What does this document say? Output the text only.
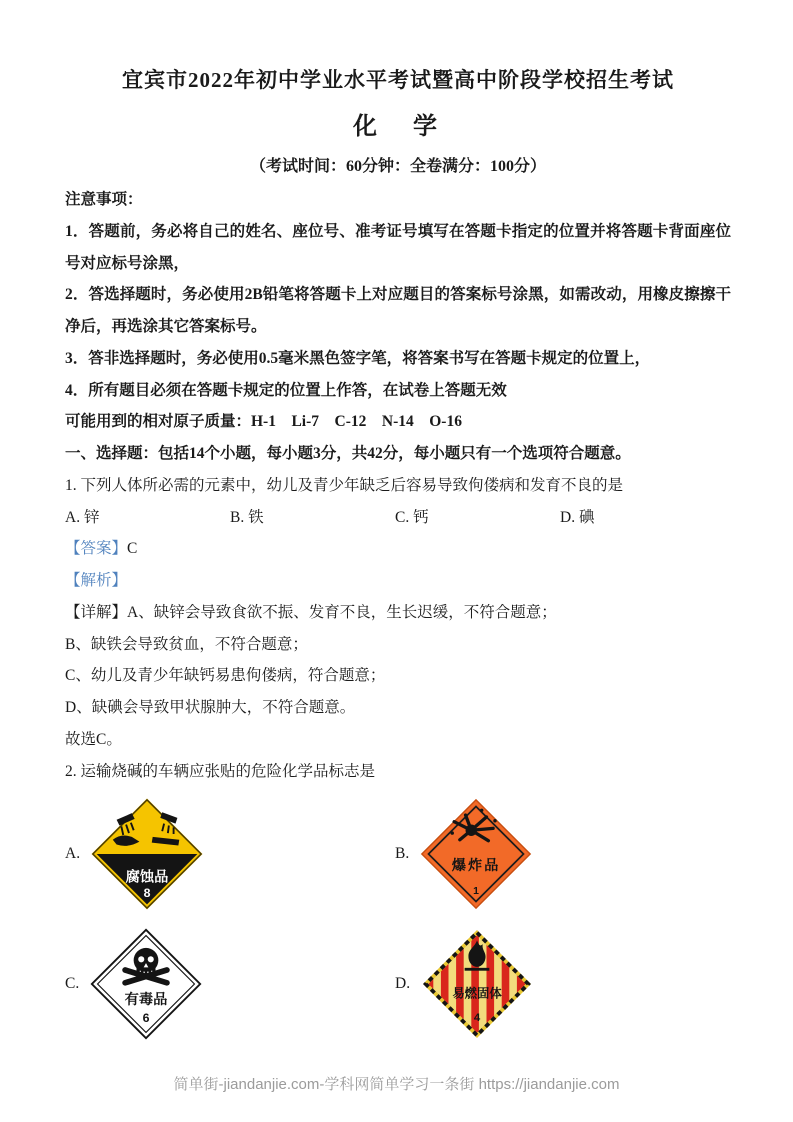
宜宾市2022年初中学业水平考试暨高中阶段学校招生考试
化　学
（考试时间：60分钟：全卷满分：100分）
注意事项：
1．答题前，务必将自己的姓名、座位号、准考证号填写在答题卡指定的位置并将答题卡背面座位号对应标号涂黑，
2．答选择题时，务必使用2B铅笔将答题卡上对应题目的答案标号涂黑，如需改动，用橡皮擦擦干净后，再选涂其它答案标号。
3．答非选择题时，务必使用0.5毫米黑色签字笔，将答案书写在答题卡规定的位置上，
4．所有题目必须在答题卡规定的位置上作答，在试卷上答题无效
可能用到的相对原子质量：H-1　Li-7　C-12　N-14　O-16
一、选择题：包括14个小题，每小题3分，共42分，每小题只有一个选项符合题意。
1. 下列人体所必需的元素中，幼儿及青少年缺乏后容易导致佝偻病和发育不良的是
A. 锌	B. 铁	C. 钙	D. 碘
【答案】C
【解析】
【详解】A、缺锌会导致食欲不振、发育不良，生长迟缓，不符合题意；
B、缺铁会导致贫血，不符合题意；
C、幼儿及青少年缺钙易患佝偻病，符合题意；
D、缺碘会导致甲状腺肿大，不符合题意。
故选C。
2. 运输烧碱的车辆应张贴的危险化学品标志是
A.
腐蚀品
8
B.
爆炸品
1
C.
有毒品
6
D.
易燃固体
4
简单街-jiandanjie.com-学科网简单学习一条街 https://jiandanjie.com
